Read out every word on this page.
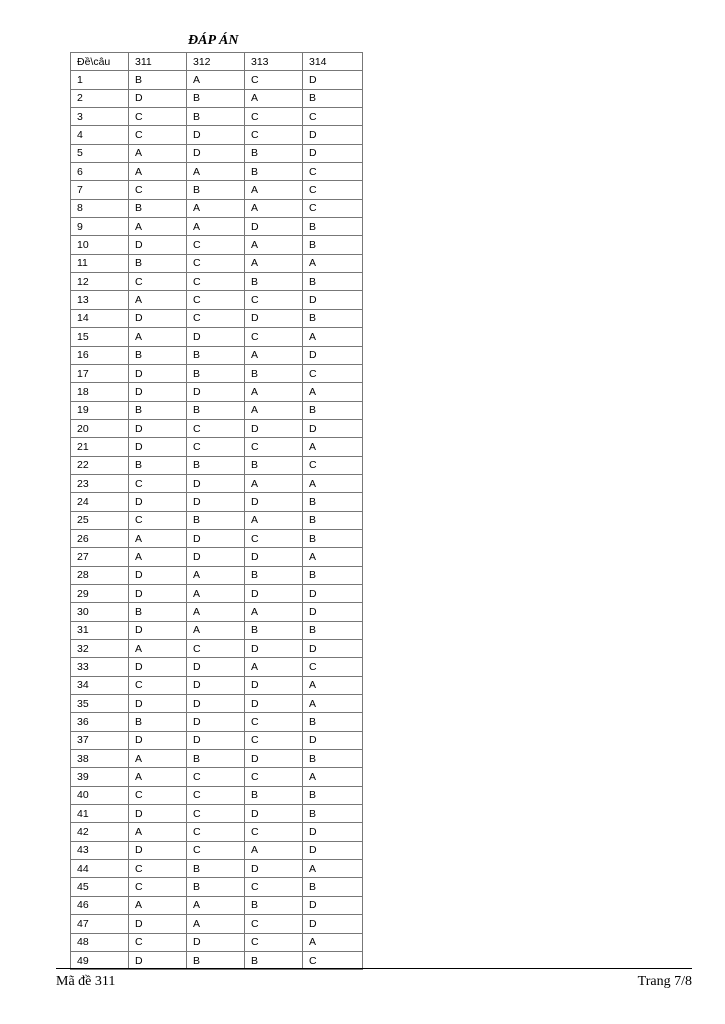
ĐÁP ÁN
Đề\câu	311	312	313	314
1	B	A	C	D
2	D	B	A	B
3	C	B	C	C
4	C	D	C	D
5	A	D	B	D
6	A	A	B	C
7	C	B	A	C
8	B	A	A	C
9	A	A	D	B
10	D	C	A	B
11	B	C	A	A
12	C	C	B	B
13	A	C	C	D
14	D	C	D	B
15	A	D	C	A
16	B	B	A	D
17	D	B	B	C
18	D	D	A	A
19	B	B	A	B
20	D	C	D	D
21	D	C	C	A
22	B	B	B	C
23	C	D	A	A
24	D	D	D	B
25	C	B	A	B
26	A	D	C	B
27	A	D	D	A
28	D	A	B	B
29	D	A	D	D
30	B	A	A	D
31	D	A	B	B
32	A	C	D	D
33	D	D	A	C
34	C	D	D	A
35	D	D	D	A
36	B	D	C	B
37	D	D	C	D
38	A	B	D	B
39	A	C	C	A
40	C	C	B	B
41	D	C	D	B
42	A	C	C	D
43	D	C	A	D
44	C	B	D	A
45	C	B	C	B
46	A	A	B	D
47	D	A	C	D
48	C	D	C	A
49	D	B	B	C
Mã đề 311	Trang 7/8
